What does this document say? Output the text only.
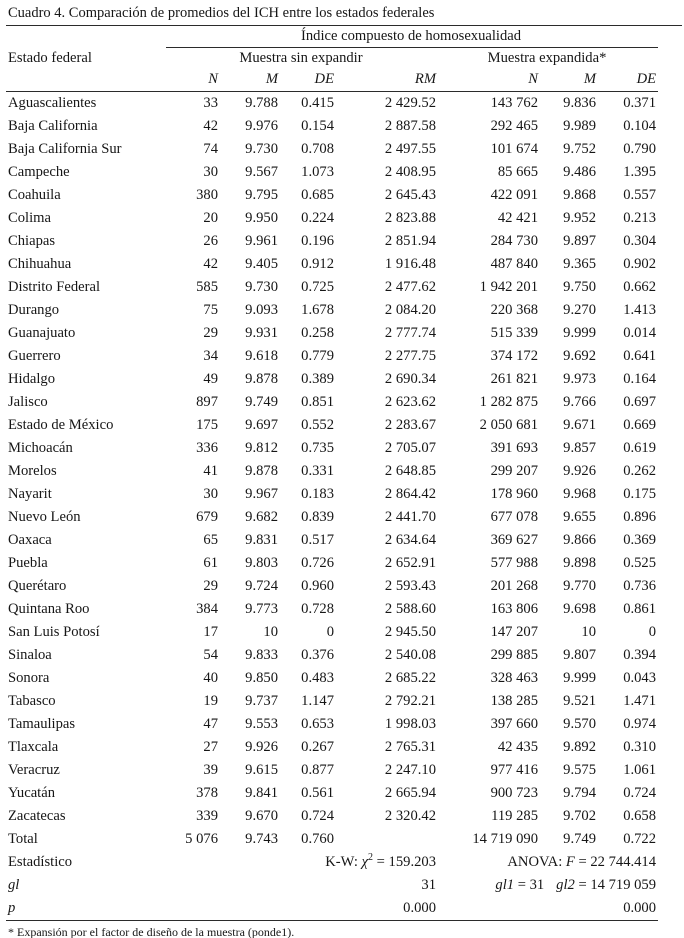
Cuadro 4. Comparación de promedios del ICH entre los estados federales
	Índice compuesto de homosexualidad						
Estado federal	Muestra sin expandir				Muestra expandida*		
	N	M	DE	RM	N	M	DE
Aguascalientes	33	9.788	0.415	2 429.52	143 762	9.836	0.371
Baja California	42	9.976	0.154	2 887.58	292 465	9.989	0.104
Baja California Sur	74	9.730	0.708	2 497.55	101 674	9.752	0.790
Campeche	30	9.567	1.073	2 408.95	85 665	9.486	1.395
Coahuila	380	9.795	0.685	2 645.43	422 091	9.868	0.557
Colima	20	9.950	0.224	2 823.88	42 421	9.952	0.213
Chiapas	26	9.961	0.196	2 851.94	284 730	9.897	0.304
Chihuahua	42	9.405	0.912	1 916.48	487 840	9.365	0.902
Distrito Federal	585	9.730	0.725	2 477.62	1 942 201	9.750	0.662
Durango	75	9.093	1.678	2 084.20	220 368	9.270	1.413
Guanajuato	29	9.931	0.258	2 777.74	515 339	9.999	0.014
Guerrero	34	9.618	0.779	2 277.75	374 172	9.692	0.641
Hidalgo	49	9.878	0.389	2 690.34	261 821	9.973	0.164
Jalisco	897	9.749	0.851	2 623.62	1 282 875	9.766	0.697
Estado de México	175	9.697	0.552	2 283.67	2 050 681	9.671	0.669
Michoacán	336	9.812	0.735	2 705.07	391 693	9.857	0.619
Morelos	41	9.878	0.331	2 648.85	299 207	9.926	0.262
Nayarit	30	9.967	0.183	2 864.42	178 960	9.968	0.175
Nuevo León	679	9.682	0.839	2 441.70	677 078	9.655	0.896
Oaxaca	65	9.831	0.517	2 634.64	369 627	9.866	0.369
Puebla	61	9.803	0.726	2 652.91	577 988	9.898	0.525
Querétaro	29	9.724	0.960	2 593.43	201 268	9.770	0.736
Quintana Roo	384	9.773	0.728	2 588.60	163 806	9.698	0.861
San Luis Potosí	17	10	0	2 945.50	147 207	10	0
Sinaloa	54	9.833	0.376	2 540.08	299 885	9.807	0.394
Sonora	40	9.850	0.483	2 685.22	328 463	9.999	0.043
Tabasco	19	9.737	1.147	2 792.21	138 285	9.521	1.471
Tamaulipas	47	9.553	0.653	1 998.03	397 660	9.570	0.974
Tlaxcala	27	9.926	0.267	2 765.31	42 435	9.892	0.310
Veracruz	39	9.615	0.877	2 247.10	977 416	9.575	1.061
Yucatán	378	9.841	0.561	2 665.94	900 723	9.794	0.724
Zacatecas	339	9.670	0.724	2 320.42	119 285	9.702	0.658
Total	5 076	9.743	0.760		14 719 090	9.749	0.722
Estadístico	K-W: $\chi^2 = 159.203$				ANOVA: F = 22 744.414		
gl	31				gl1 = 31 gl2 = 14 719 059		
p	0.000				0.000		
* Expansión por el factor de diseño de la muestra (ponde1).
